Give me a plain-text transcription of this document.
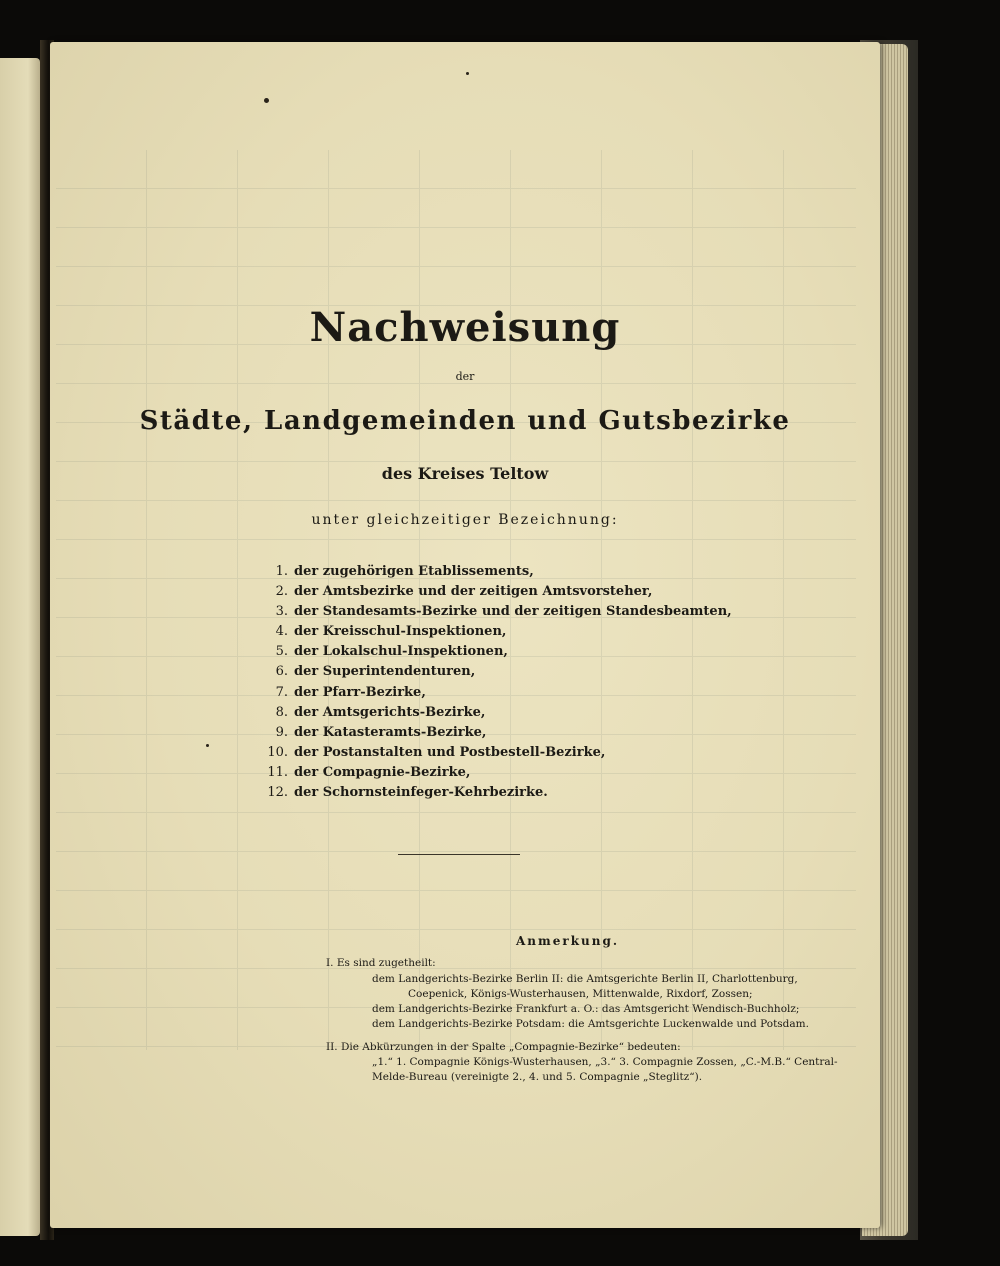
Nachweisung
der
Städte, Landgemeinden und Gutsbezirke
des Kreises Teltow
unter gleichzeitiger Bezeichnung:
1. der zugehörigen Etablissements,
2. der Amtsbezirke und der zeitigen Amtsvorsteher,
3. der Standesamts-Bezirke und der zeitigen Standesbeamten,
4. der Kreisschul-Inspektionen,
5. der Lokalschul-Inspektionen,
6. der Superintendenturen,
7. der Pfarr-Bezirke,
8. der Amtsgerichts-Bezirke,
9. der Katasteramts-Bezirke,
10. der Postanstalten und Postbestell-Bezirke,
11. der Compagnie-Bezirke,
12. der Schornsteinfeger-Kehrbezirke.
Anmerkung.
I. Es sind zugetheilt:
dem Landgerichts-Bezirke Berlin II: die Amtsgerichte Berlin II, Charlottenburg,
Coepenick, Königs-Wusterhausen, Mittenwalde, Rixdorf, Zossen;
dem Landgerichts-Bezirke Frankfurt a. O.: das Amtsgericht Wendisch-Buchholz;
dem Landgerichts-Bezirke Potsdam: die Amtsgerichte Luckenwalde und Potsdam.
II. Die Abkürzungen in der Spalte „Compagnie-Bezirke“ bedeuten:
„1.“ 1. Compagnie Königs-Wusterhausen, „3.“ 3. Compagnie Zossen, „C.-M.B.“ Central-
Melde-Bureau (vereinigte 2., 4. und 5. Compagnie „Steglitz“).
